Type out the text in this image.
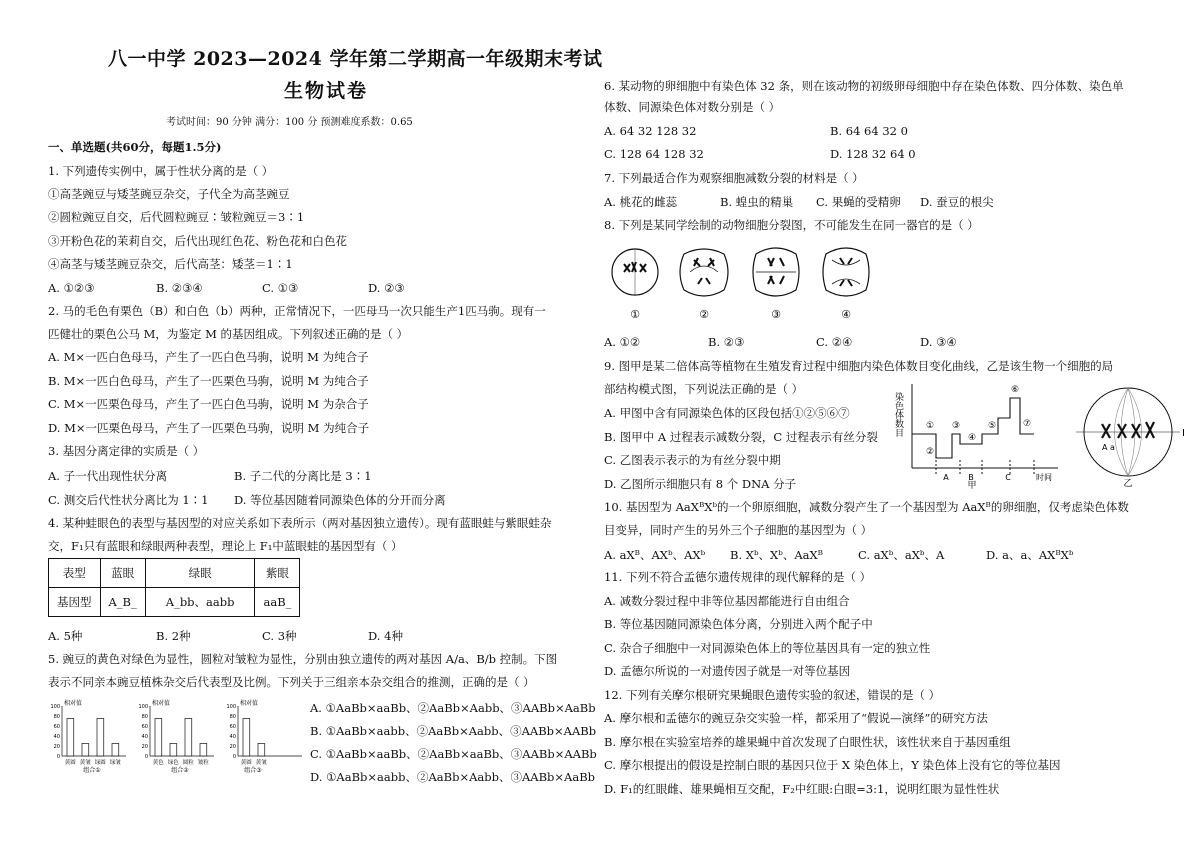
八一中学 2023—2024 学年第二学期高一年级期末考试
生物试卷
考试时间：90 分钟 满分：100 分 预测难度系数：0.65
一、单选题(共60分，每题1.5分)
1. 下列遗传实例中，属于性状分离的是（ ）
①高茎豌豆与矮茎豌豆杂交，子代全为高茎豌豆
②圆粒豌豆自交，后代圆粒豌豆∶皱粒豌豆＝3∶1
③开粉色花的茉莉自交，后代出现红色花、粉色花和白色花
④高茎与矮茎豌豆杂交，后代高茎：矮茎＝1∶1
A. ①②③	B. ②③④	C. ①③	D. ②③
2. 马的毛色有栗色（B）和白色（b）两种，正常情况下，一匹母马一次只能生产1匹马驹。现有一
匹健壮的栗色公马 M，为鉴定 M 的基因组成。下列叙述正确的是（ ）
A. M×一匹白色母马，产生了一匹白色马驹，说明 M 为纯合子
B. M×一匹白色母马，产生了一匹栗色马驹，说明 M 为纯合子
C. M×一匹栗色母马，产生了一匹白色马驹，说明 M 为杂合子
D. M×一匹栗色母马，产生了一匹栗色马驹，说明 M 为纯合子
3. 基因分离定律的实质是（ ）
A. 子一代出现性状分离	B. 子二代的分离比是 3∶1
C. 测交后代性状分离比为 1∶1 D. 等位基因随着同源染色体的分开而分离
4. 某种蛙眼色的表型与基因型的对应关系如下表所示（两对基因独立遗传）。现有蓝眼蛙与紫眼蛙杂
交，F₁只有蓝眼和绿眼两种表型，理论上 F₁中蓝眼蛙的基因型有（ ）
表型	蓝眼	绿眼	紫眼
基因型	A_B_	A_bb、aabb	aaB_
A. 5种	B. 2种	C. 3种	D. 4种
5. 豌豆的黄色对绿色为显性，圆粒对皱粒为显性，分别由独立遗传的两对基因 A/a、B/b 控制。下图
表示不同亲本豌豆植株杂交后代表型及比例。下列关于三组亲本杂交组合的推测，正确的是（ ）
相对值
100
80
60
40
20
0
黄圆 黄皱 绿圆 绿皱
组合①
相对值
100
80
60
40
20
0
黄色 绿色 圆粒 皱粒
组合②
相对值
100
80
60
40
20
0
黄圆 黄皱
组合③
A. ①AaBb×aaBb、②AaBb×Aabb、③AABb×AaBb
B. ①AaBb×aabb、②AaBb×Aabb、③AABb×AABb
C. ①AaBb×aaBb、②AaBb×aaBb、③AABb×AABb
D. ①AaBb×aabb、②AaBb×Aabb、③AABb×AaBb
6. 某动物的卵细胞中有染色体 32 条，则在该动物的初级卵母细胞中存在染色体数、四分体数、染色单
体数、同源染色体对数分别是（ ）
A. 64 32 128 32	B. 64 64 32 0
C. 128 64 128 32	D. 128 32 64 0
7. 下列最适合作为观察细胞减数分裂的材料是（ ）
A. 桃花的雌蕊	B. 蝗虫的精巢 C. 果蝇的受精卵 D. 蚕豆的根尖
8. 下列是某同学绘制的动物细胞分裂图，不可能发生在同一器官的是（ ）
①	②	③	④
A. ①②	B. ②③	C. ②④	D. ③④
9. 图甲是某二倍体高等植物在生殖发育过程中细胞内染色体数目变化曲线，乙是该生物一个细胞的局
部结构模式图，下列说法正确的是（ ）
A. 甲图中含有同源染色体的区段包括①②⑤⑥⑦
B. 图甲中 A 过程表示减数分裂，C 过程表示有丝分裂
C. 乙图表示表示的为有丝分裂中期
D. 乙图所示细胞只有 8 个 DNA 分子
染色体数目
A B	C	时间
甲
①
②
③
④
⑤
⑥
⑦
Ⅰ
A a
乙
10. 基因型为 AaXᴮXᵇ的一个卵原细胞，减数分裂产生了一个基因型为 AaXᴮ的卵细胞，仅考虑染色体数
目变异，同时产生的另外三个子细胞的基因型为（ ）
A. aXᴮ、AXᵇ、AXᵇ B. Xᵇ、Xᵇ、AaXᴮ	C. aXᵇ、aXᵇ、A	D. a、a、AXᴮXᵇ
11. 下列不符合孟德尔遗传规律的现代解释的是（ ）
A. 减数分裂过程中非等位基因都能进行自由组合
B. 等位基因随同源染色体分离，分别进入两个配子中
C. 杂合子细胞中一对同源染色体上的等位基因具有一定的独立性
D. 孟德尔所说的一对遗传因子就是一对等位基因
12. 下列有关摩尔根研究果蝇眼色遗传实验的叙述，错误的是（ ）
A. 摩尔根和孟德尔的豌豆杂交实验一样，都采用了“假说—演绎”的研究方法
B. 摩尔根在实验室培养的雄果蝇中首次发现了白眼性状，该性状来自于基因重组
C. 摩尔根提出的假设是控制白眼的基因只位于 X 染色体上，Y 染色体上没有它的等位基因
D. F₁的红眼雌、雄果蝇相互交配，F₂中红眼:白眼=3:1，说明红眼为显性性状
